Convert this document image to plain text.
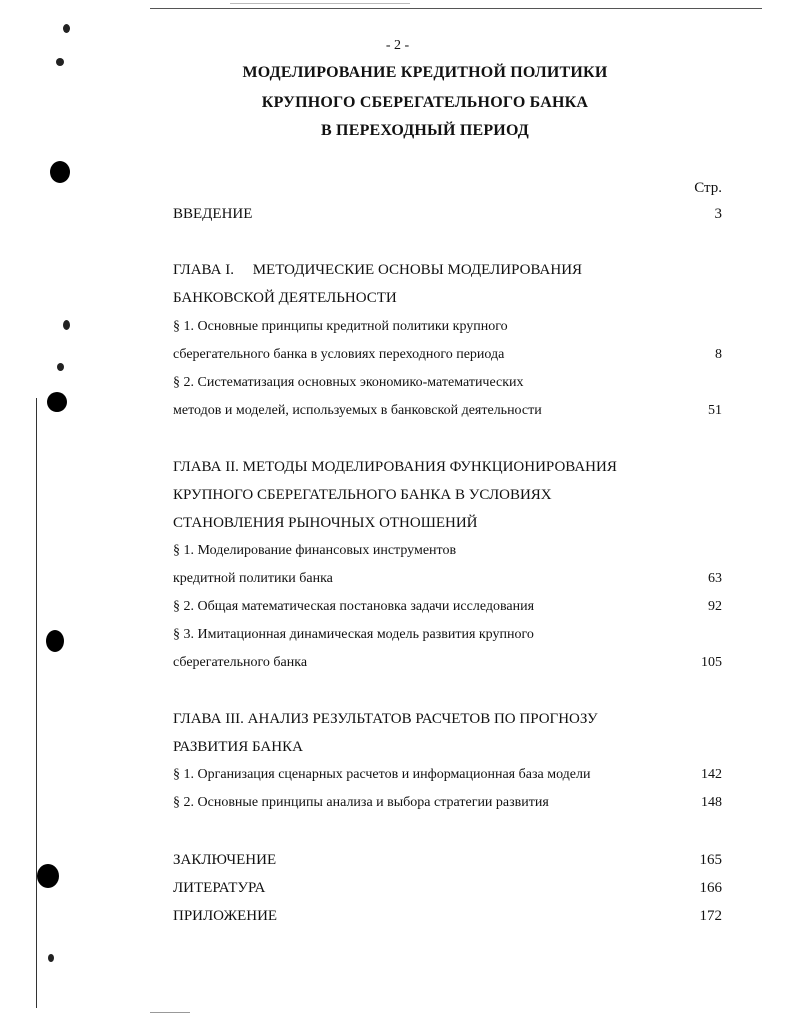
- 2 -
МОДЕЛИРОВАНИЕ КРЕДИТНОЙ ПОЛИТИКИ
КРУПНОГО СБЕРЕГАТЕЛЬНОГО БАНКА
В ПЕРЕХОДНЫЙ ПЕРИОД
Стр.
ВВЕДЕНИЕ	3
ГЛАВА I.     МЕТОДИЧЕСКИЕ ОСНОВЫ МОДЕЛИРОВАНИЯ
БАНКОВСКОЙ ДЕЯТЕЛЬНОСТИ
§ 1. Основные принципы кредитной политики крупного
сберегательного банка в условиях переходного периода	8
§ 2. Систематизация основных экономико-математических
методов и моделей, используемых в банковской деятельности	51
ГЛАВА II. МЕТОДЫ МОДЕЛИРОВАНИЯ ФУНКЦИОНИРОВАНИЯ
КРУПНОГО СБЕРЕГАТЕЛЬНОГО БАНКА В УСЛОВИЯХ
СТАНОВЛЕНИЯ РЫНОЧНЫХ ОТНОШЕНИЙ
§ 1. Моделирование финансовых инструментов
кредитной политики банка	63
§ 2. Общая математическая постановка задачи исследования	92
§ 3. Имитационная динамическая модель развития крупного
сберегательного банка	105
ГЛАВА III. АНАЛИЗ РЕЗУЛЬТАТОВ РАСЧЕТОВ ПО ПРОГНОЗУ
РАЗВИТИЯ БАНКА
§ 1. Организация сценарных расчетов и информационная база модели	142
§ 2. Основные принципы анализа и выбора стратегии развития	148
ЗАКЛЮЧЕНИЕ	165
ЛИТЕРАТУРА	166
ПРИЛОЖЕНИЕ	172
